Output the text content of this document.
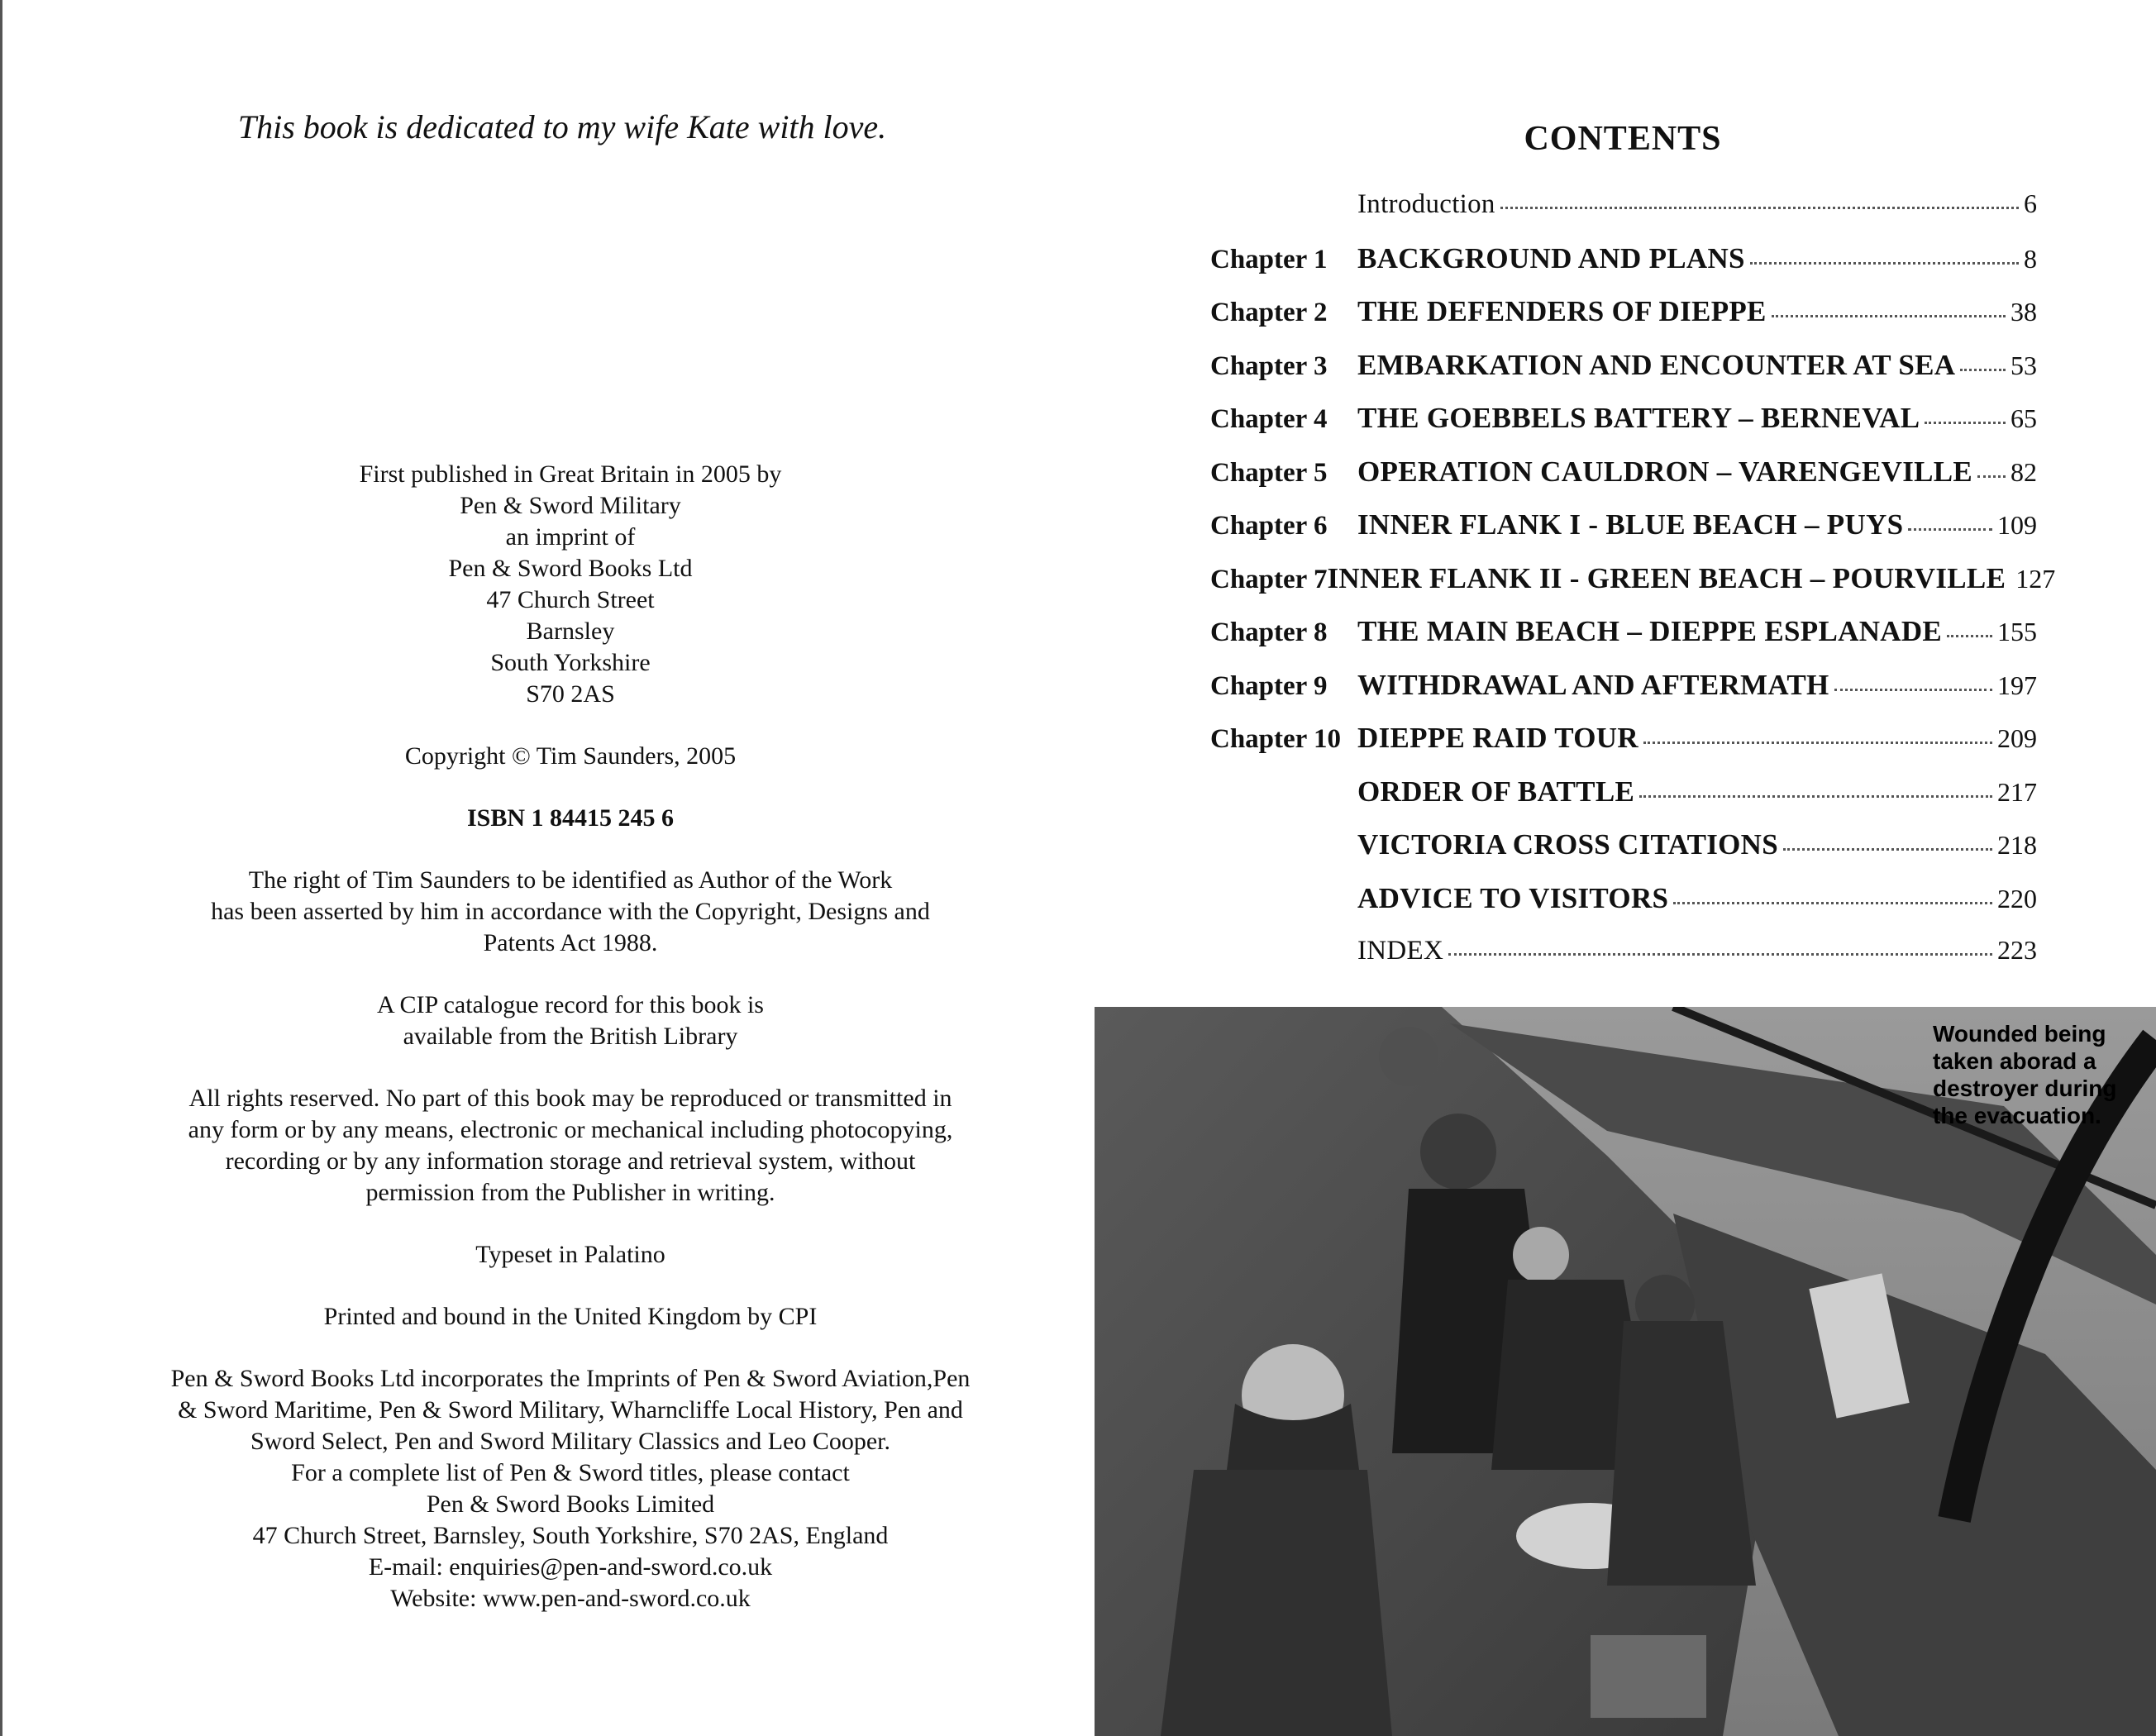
This book is dedicated to my wife Kate with love.
First published in Great Britain in 2005 by
Pen & Sword Military
an imprint of
Pen & Sword Books Ltd
47 Church Street
Barnsley
South Yorkshire
S70 2AS
Copyright © Tim Saunders, 2005
ISBN 1 84415 245 6
The right of Tim Saunders to be identified as Author of the Work
has been asserted by him in accordance with the Copyright, Designs and
Patents Act 1988.
A CIP catalogue record for this book is
available from the British Library
All rights reserved. No part of this book may be reproduced or transmitted in
any form or by any means, electronic or mechanical including photocopying,
recording or by any information storage and retrieval system, without
permission from the Publisher in writing.
Typeset in Palatino
Printed and bound in the United Kingdom by CPI
Pen & Sword Books Ltd incorporates the Imprints of Pen & Sword Aviation,Pen
& Sword Maritime, Pen & Sword Military, Wharncliffe Local History, Pen and
Sword Select, Pen and Sword Military Classics and Leo Cooper.
For a complete list of Pen & Sword titles, please contact
Pen & Sword Books Limited
47 Church Street, Barnsley, South Yorkshire, S70 2AS, England
E-mail: enquiries@pen-and-sword.co.uk
Website: www.pen-and-sword.co.uk
CONTENTS
Introduction	6
Chapter 1	BACKGROUND AND PLANS	8
Chapter 2	THE DEFENDERS OF DIEPPE	38
Chapter 3	EMBARKATION AND ENCOUNTER AT SEA 53
Chapter 4	THE GOEBBELS BATTERY – BERNEVAL	65
Chapter 5	OPERATION CAULDRON – VARENGEVILLE 82
Chapter 6	INNER FLANK I - BLUE BEACH – PUYS	109
Chapter 7 INNER FLANK II - GREEN BEACH – POURVILLE 127
Chapter 8	THE MAIN BEACH – DIEPPE ESPLANADE 155
Chapter 9	WITHDRAWAL AND AFTERMATH	197
Chapter 10 DIEPPE RAID TOUR	209
ORDER OF BATTLE	217
VICTORIA CROSS CITATIONS	218
ADVICE TO VISITORS	220
INDEX	223
Wounded being
taken aborad a
destroyer during
the evacuation.
